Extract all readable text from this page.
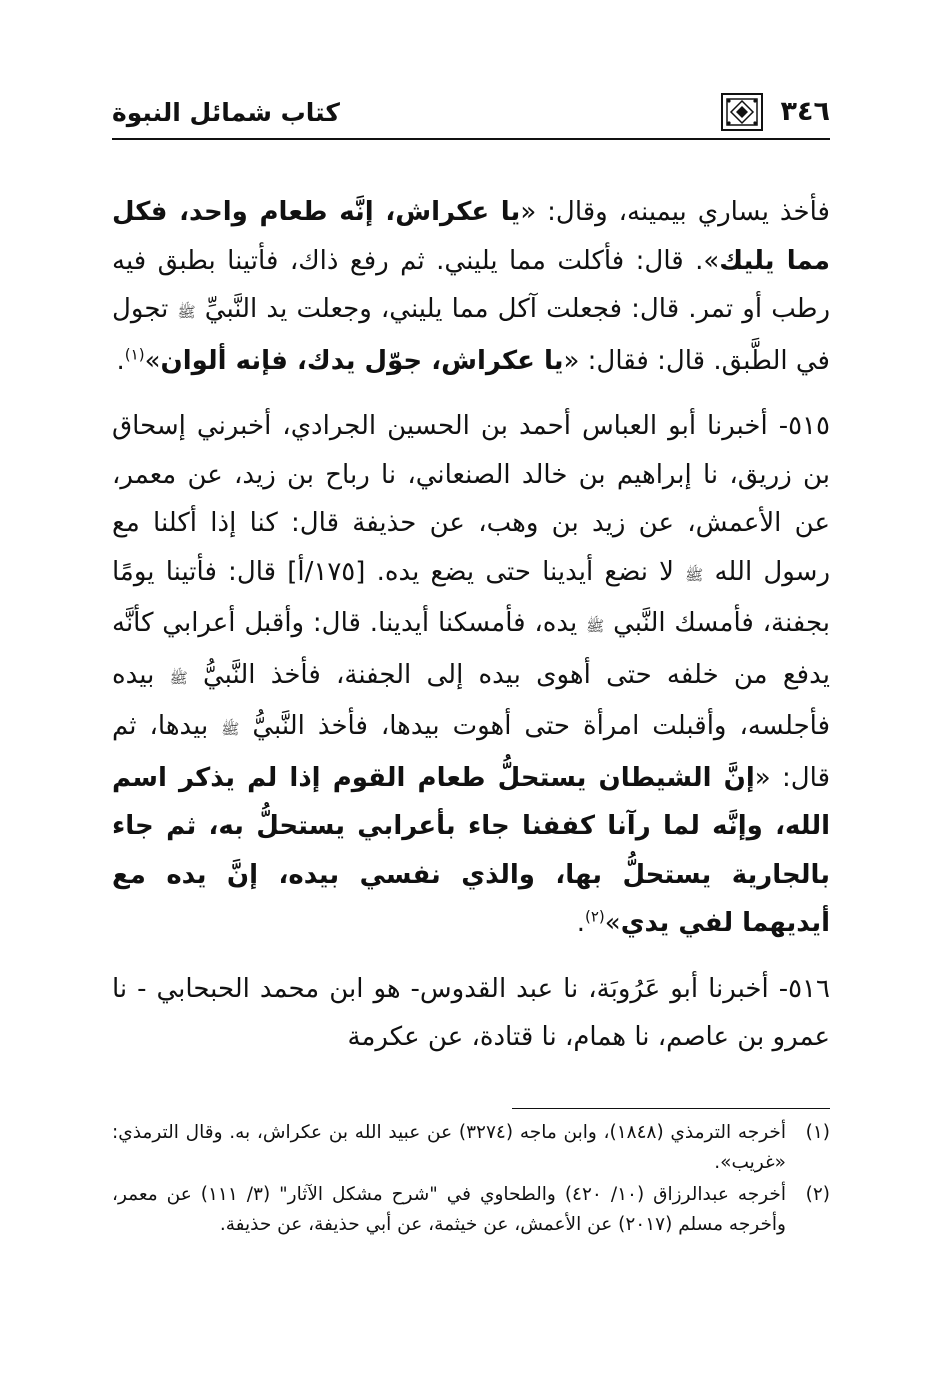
٣٤٦
كتاب شمائل النبوة

فأخذ يساري بيمينه، وقال: «يا عكراش، إنَّه طعام واحد، فكل مما يليك». قال: فأكلت مما يليني. ثم رفع ذاك، فأتينا بطبق فيه رطب أو تمر. قال: فجعلت آكل مما يليني، وجعلت يد النَّبيِّ ﷺ تجول في الطَّبق. قال: فقال: «يا عكراش، جوّل يدك، فإنه ألوان»$^{(١)}$.

٥١٥- أخبرنا أبو العباس أحمد بن الحسين الجرادي، أخبرني إسحاق بن زريق، نا إبراهيم بن خالد الصنعاني، نا رباح بن زيد، عن معمر، عن الأعمش، عن زيد بن وهب، عن حذيفة قال: كنا إذا أكلنا مع رسول الله ﷺ لا نضع أيدينا حتى يضع يده. [١٧٥/أ] قال: فأتينا يومًا بجفنة، فأمسك النَّبي ﷺ يده، فأمسكنا أيدينا. قال: وأقبل أعرابي كأنَّه يدفع من خلفه حتى أهوى بيده إلى الجفنة، فأخذ النَّبيُّ ﷺ بيده فأجلسه، وأقبلت امرأة حتى أهوت بيدها، فأخذ النَّبيُّ ﷺ بيدها، ثم قال: «إنَّ الشيطان يستحلُّ طعام القوم إذا لم يذكر اسم الله، وإنَّه لما رآنا كففنا جاء بأعرابي يستحلُّ به، ثم جاء بالجارية يستحلُّ بها، والذي نفسي بيده، إنَّ يده مع أيديهما لفي يدي»$^{(٢)}$.

٥١٦- أخبرنا أبو عَرُوبَة، نا عبد القدوس- هو ابن محمد الحبحابي - نا عمرو بن عاصم، نا همام، نا قتادة، عن عكرمة

(١)
أخرجه الترمذي (١٨٤٨)، وابن ماجه (٣٢٧٤) عن عبيد الله بن عكراش، به. وقال الترمذي: «غريب».
(٢)
أخرجه عبدالرزاق (١٠/ ٤٢٠) والطحاوي في "شرح مشكل الآثار" (٣/ ١١١) عن معمر، وأخرجه مسلم (٢٠١٧) عن الأعمش، عن خيثمة، عن أبي حذيفة، عن حذيفة.
